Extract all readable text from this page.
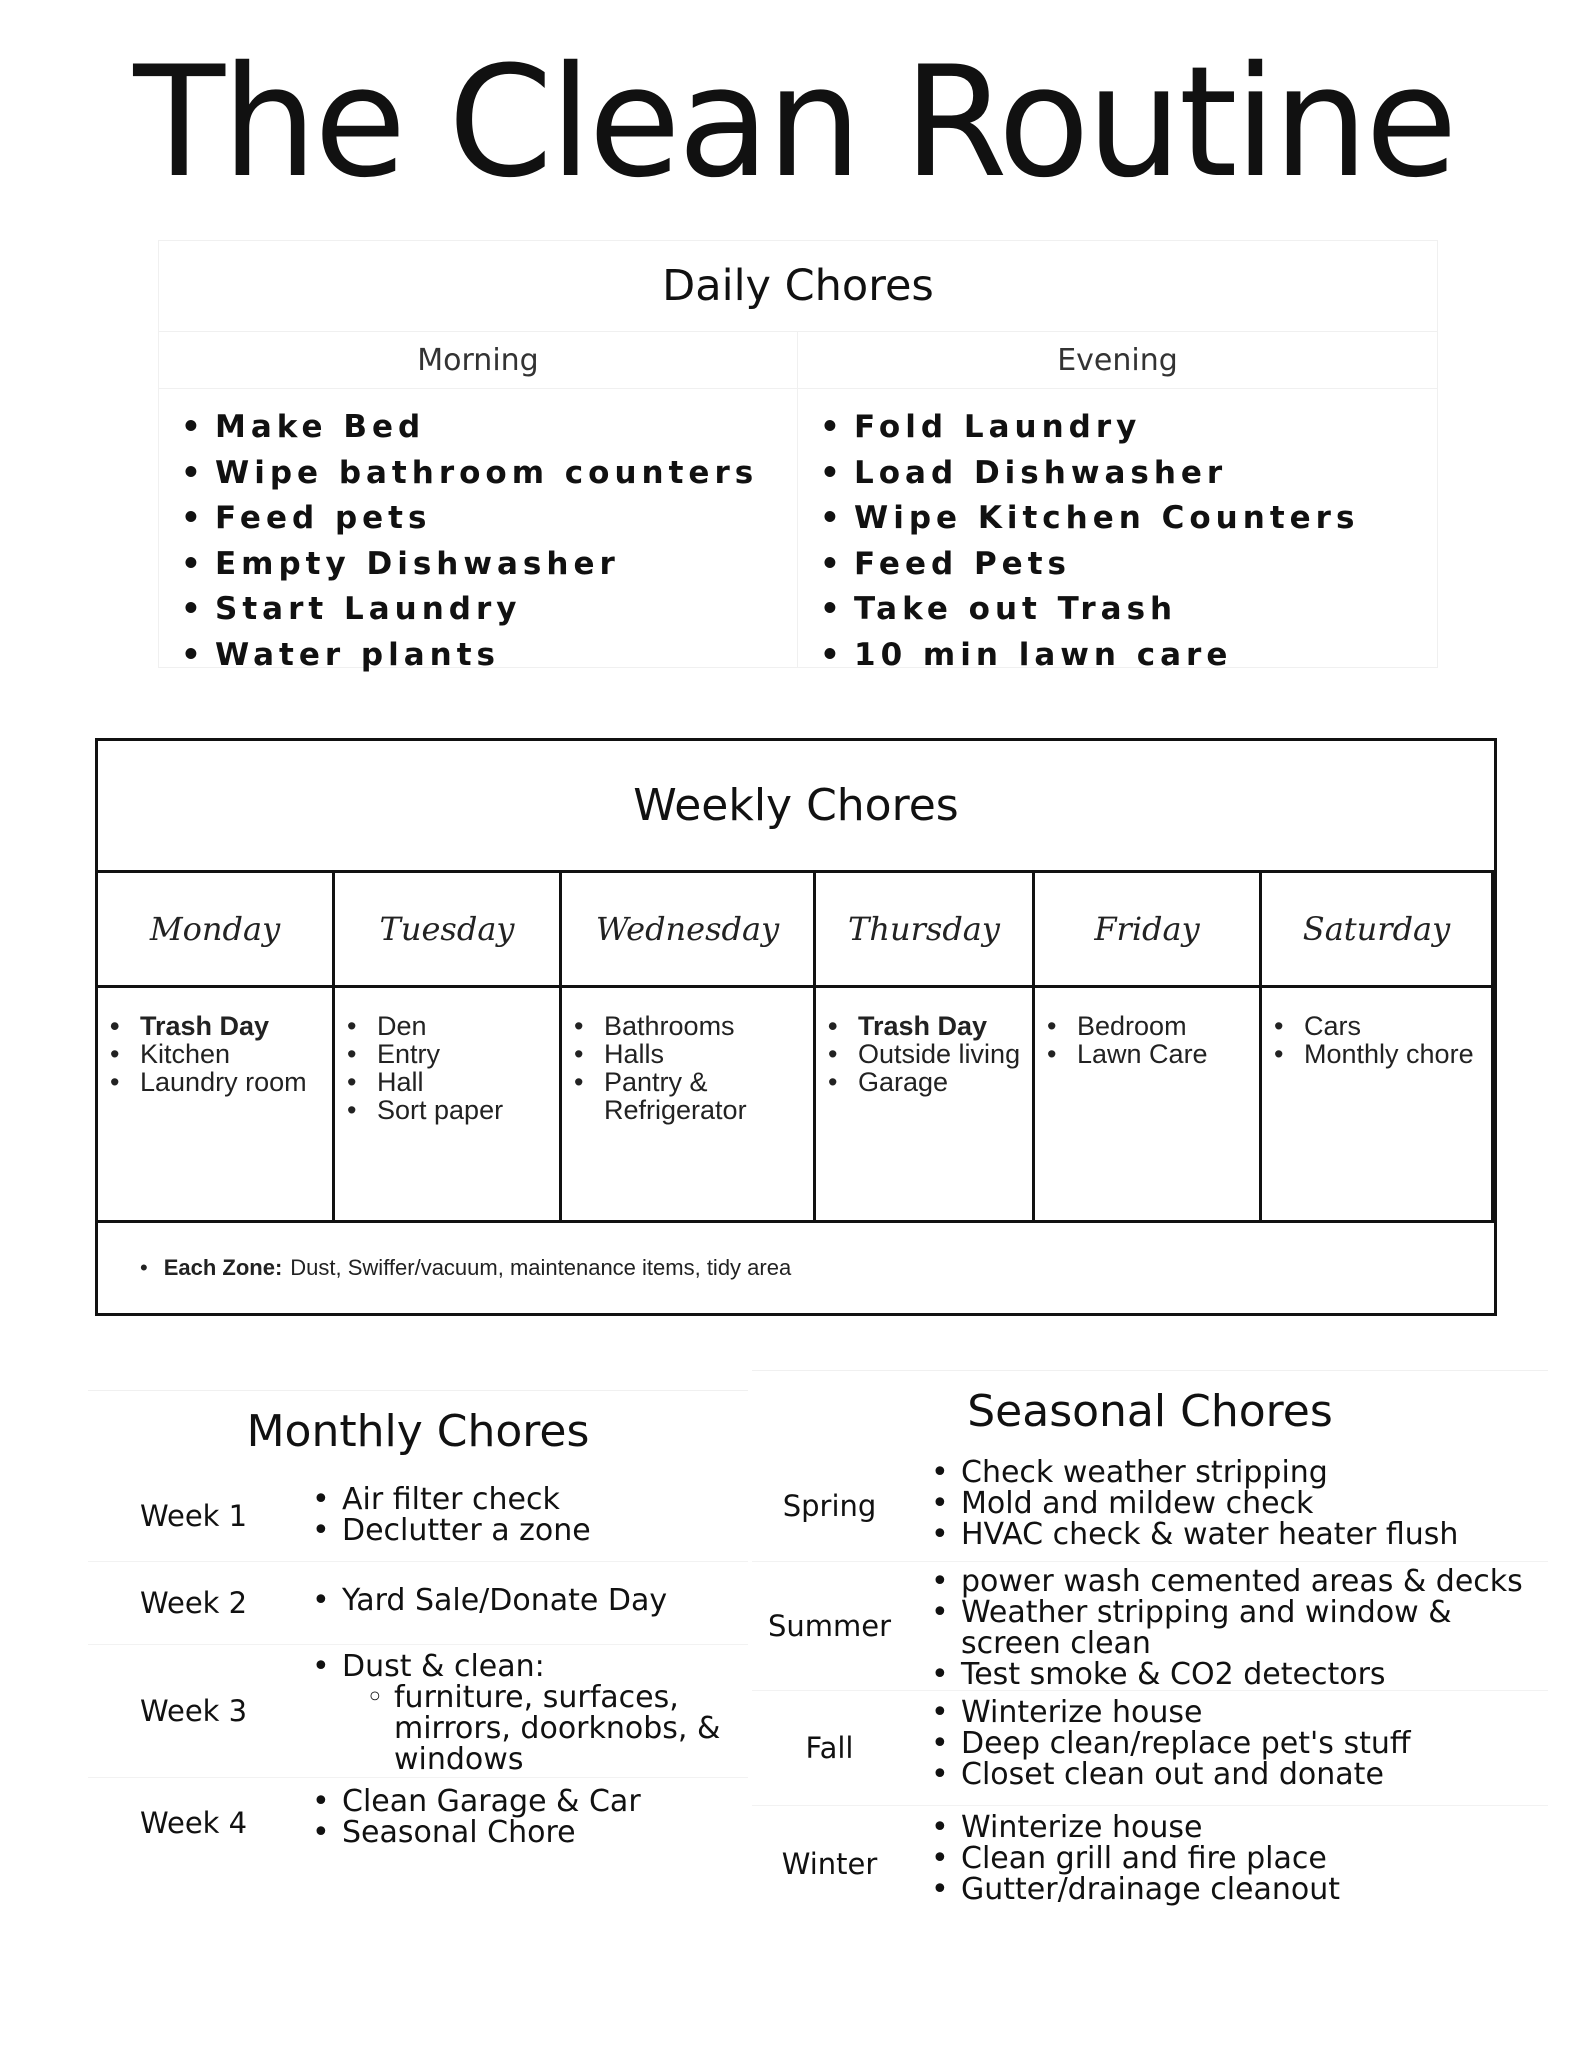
The Clean Routine
Daily Chores
Morning
• Make Bed
• Wipe bathroom counters
• Feed pets
• Empty Dishwasher
• Start Laundry
• Water plants
Evening
• Fold Laundry
• Load Dishwasher
• Wipe Kitchen Counters
• Feed Pets
• Take out Trash
• 10 min lawn care
Weekly Chores
Monday
• Trash Day
• Kitchen
• Laundry room
Tuesday
• Den
• Entry
• Hall
• Sort paper
Wednesday
• Bathrooms
• Halls
• Pantry & Refrigerator
Thursday
• Trash Day
• Outside living
• Garage
Friday
• Bedroom
• Lawn Care
Saturday
• Cars
• Monthly chore
• Each Zone: Dust, Swiffer/vacuum, maintenance items, tidy area
Monthly Chores
Week 1	• Air filter check
• Declutter a zone
Week 2	• Yard Sale/Donate Day
Week 3
• Dust & clean:
◦ furniture, surfaces, mirrors, doorknobs, & windows
Week 4
• Clean Garage & Car
• Seasonal Chore
Seasonal Chores
Spring
• Check weather stripping
• Mold and mildew check
• HVAC check & water heater flush
Summer
• power wash cemented areas & decks
• Weather stripping and window & screen clean
• Test smoke & CO2 detectors
Fall
• Winterize house
• Deep clean/replace pet's stuff
• Closet clean out and donate
Winter
• Winterize house
• Clean grill and fire place
• Gutter/drainage cleanout
